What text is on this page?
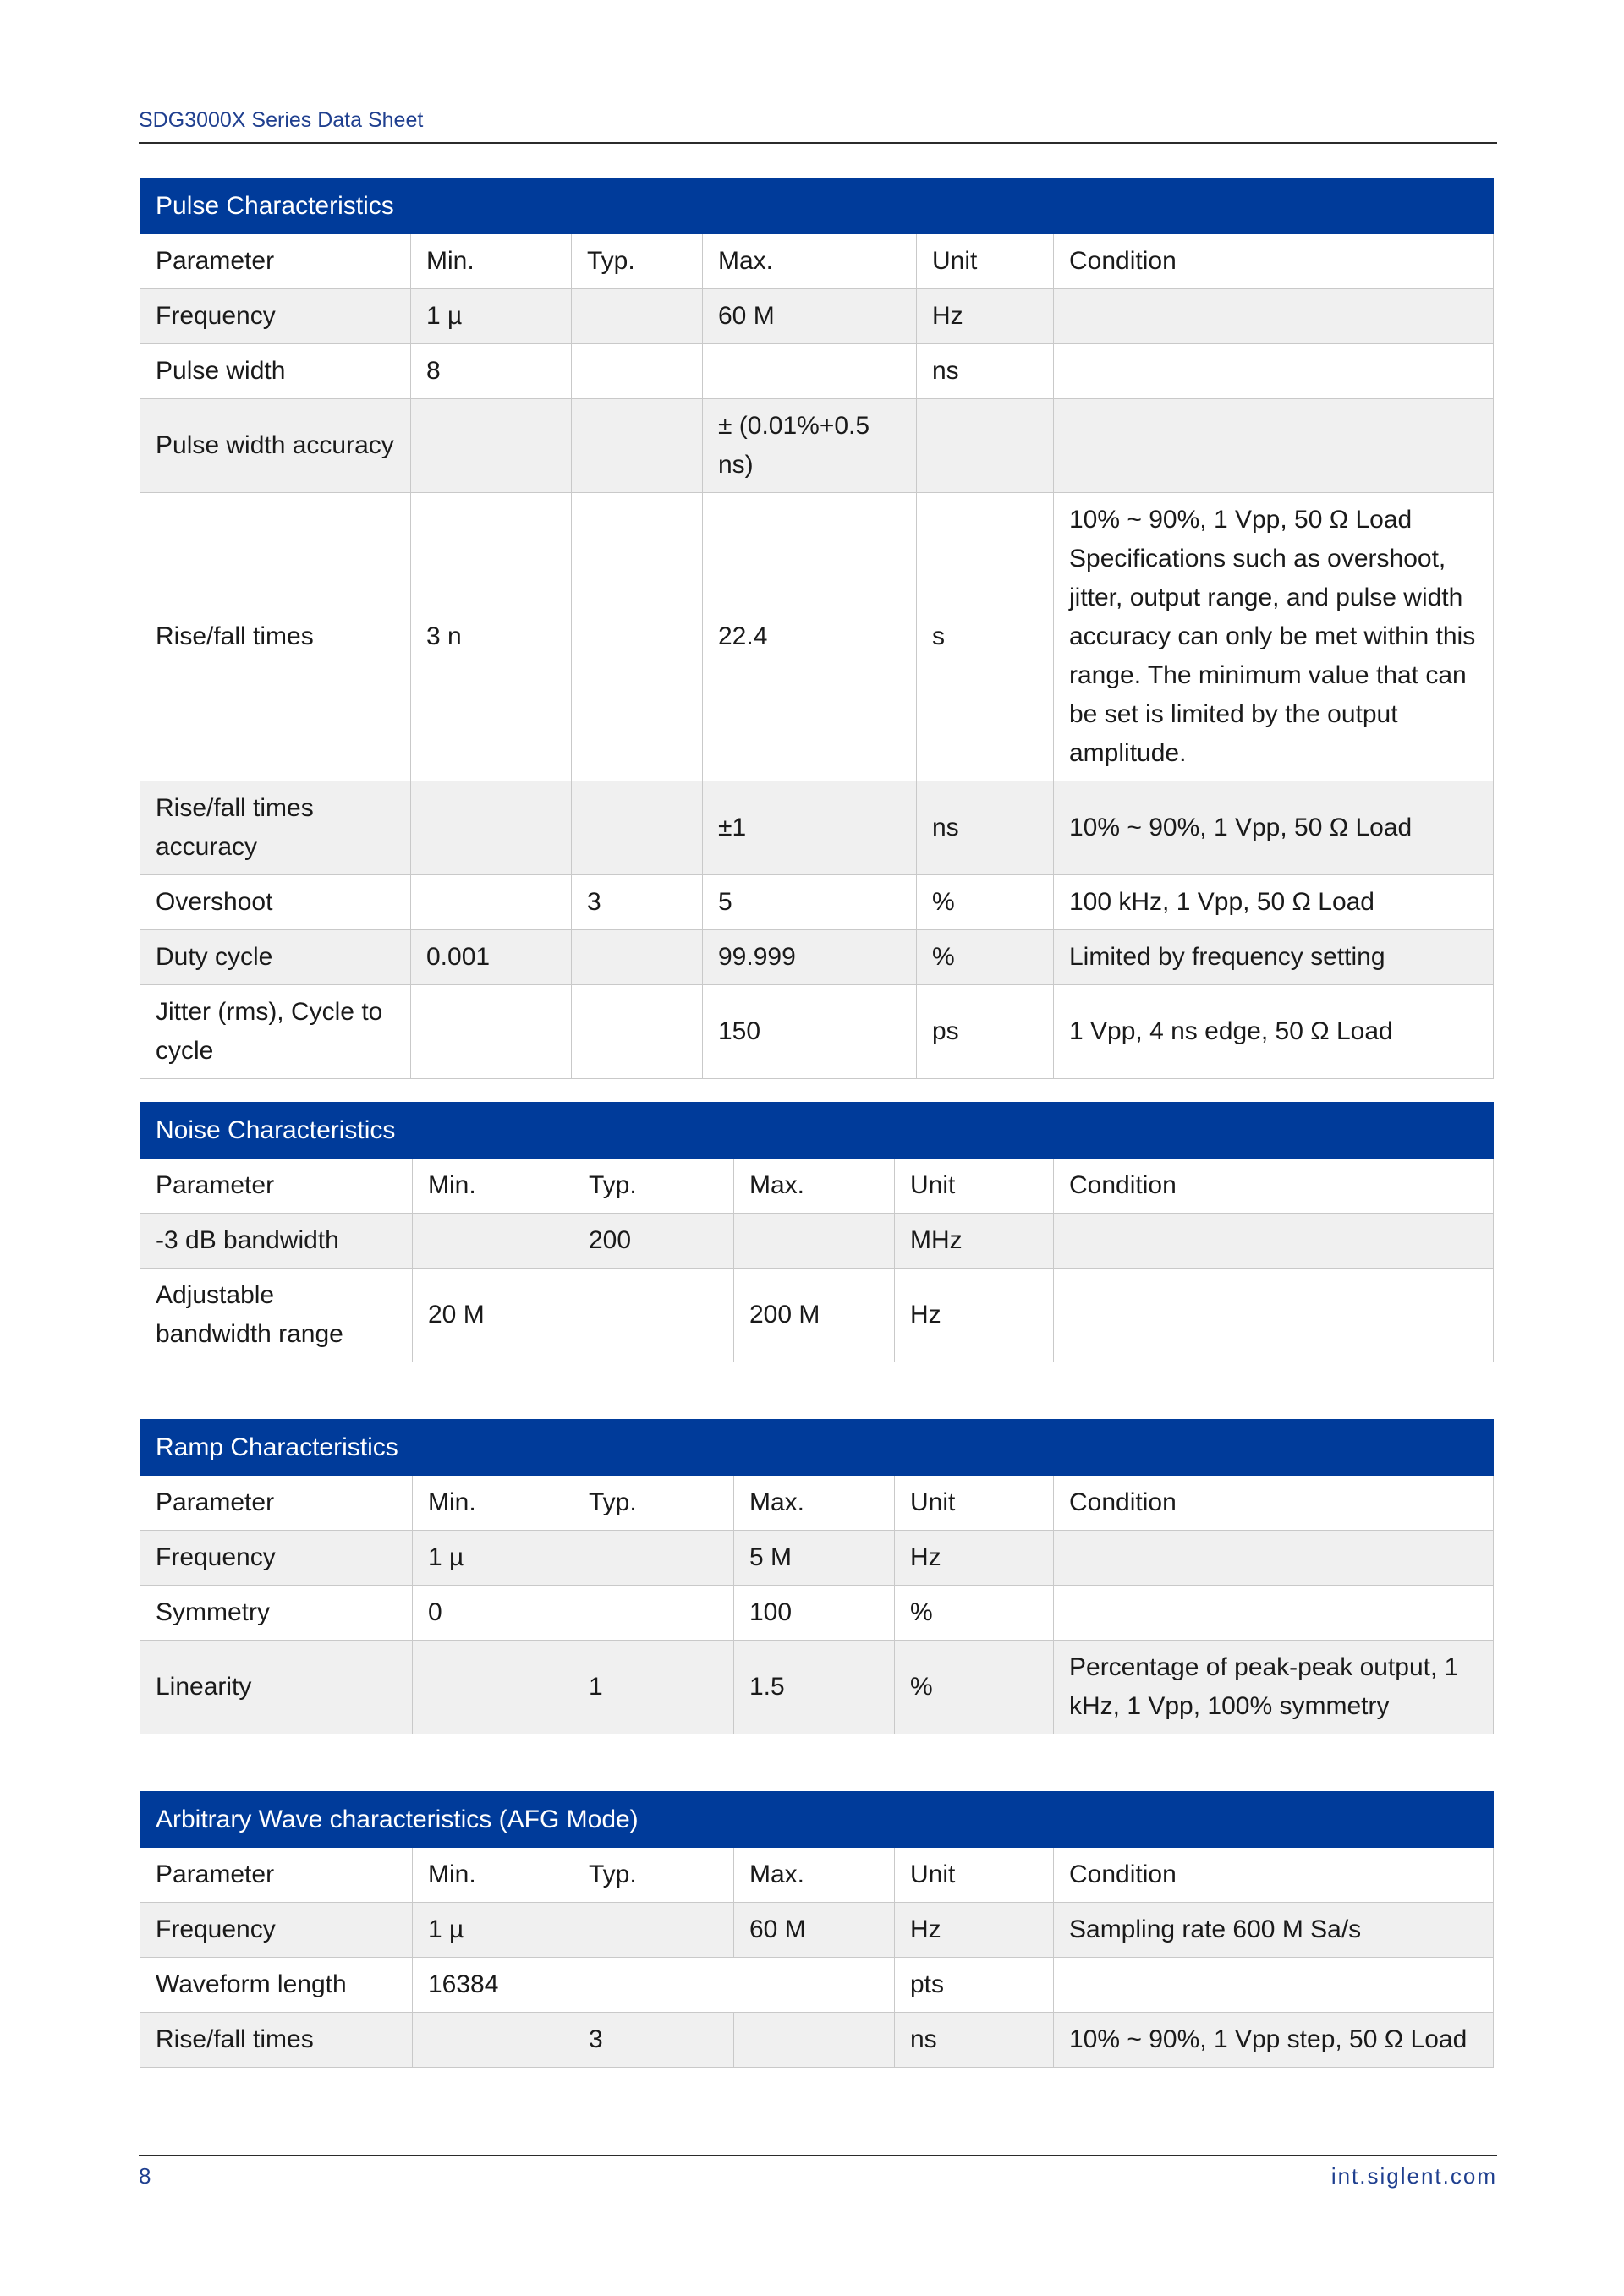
SDG3000X Series Data Sheet
Pulse Characteristics					
Parameter	Min.	Typ.	Max.	Unit	Condition
Frequency	1 µ		60 M	Hz	
Pulse width	8			ns	
Pulse width accuracy			± (0.01%+0.5 ns)		
Rise/fall times	3 n		22.4	s	10% ~ 90%, 1 Vpp, 50 Ω Load Specifications such as overshoot, jitter, output range, and pulse width accuracy can only be met within this range. The minimum value that can be set is limited by the output amplitude.
Rise/fall times accuracy			±1	ns	10% ~ 90%, 1 Vpp, 50 Ω Load
Overshoot		3	5	%	100 kHz, 1 Vpp, 50 Ω Load
Duty cycle	0.001		99.999	%	Limited by frequency setting
Jitter (rms), Cycle to cycle			150	ps	1 Vpp, 4 ns edge, 50 Ω Load
Noise Characteristics					
Parameter	Min.	Typ.	Max.	Unit	Condition
-3 dB bandwidth		200		MHz	
Adjustable bandwidth range	20 M		200 M	Hz	
Ramp Characteristics					
Parameter	Min.	Typ.	Max.	Unit	Condition
Frequency	1 µ		5 M	Hz	
Symmetry	0		100	%	
Linearity		1	1.5	%	Percentage of peak-peak output, 1 kHz, 1 Vpp, 100% symmetry
Arbitrary Wave characteristics (AFG Mode)					
Parameter	Min.	Typ.	Max.	Unit	Condition
Frequency	1 µ		60 M	Hz	Sampling rate 600 M Sa/s
Waveform length	16384			pts	
Rise/fall times		3		ns	10% ~ 90%, 1 Vpp step, 50 Ω Load
8	int.siglent.com
